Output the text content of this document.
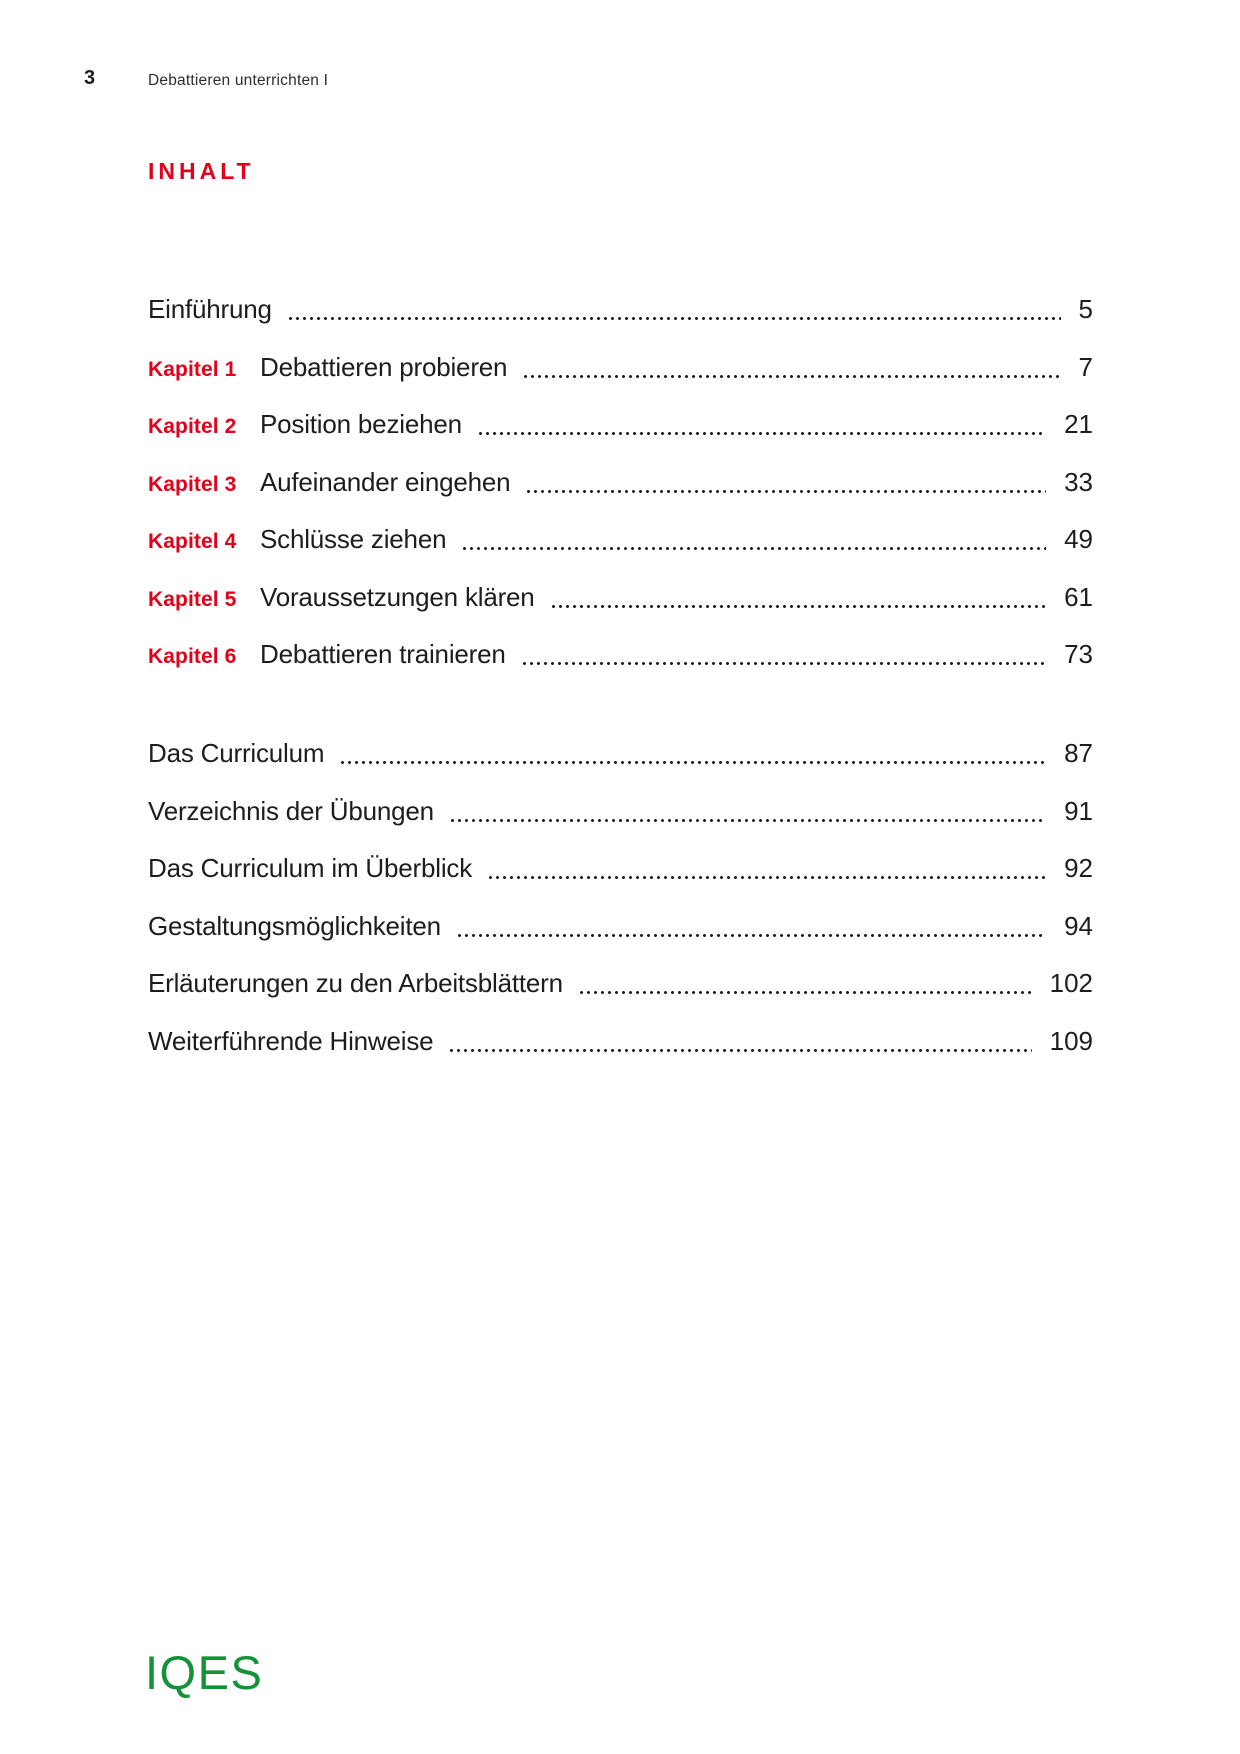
3	Debattieren unterrichten I
INHALT
Einführung	5
Kapitel 1 Debattieren probieren	7
Kapitel 2 Position beziehen	21
Kapitel 3 Aufeinander eingehen	33
Kapitel 4 Schlüsse ziehen	49
Kapitel 5 Voraussetzungen klären	61
Kapitel 6 Debattieren trainieren	73
Das Curriculum	87
Verzeichnis der Übungen	91
Das Curriculum im Überblick	92
Gestaltungsmöglichkeiten	94
Erläuterungen zu den Arbeitsblättern	102
Weiterführende Hinweise	109
IQES
